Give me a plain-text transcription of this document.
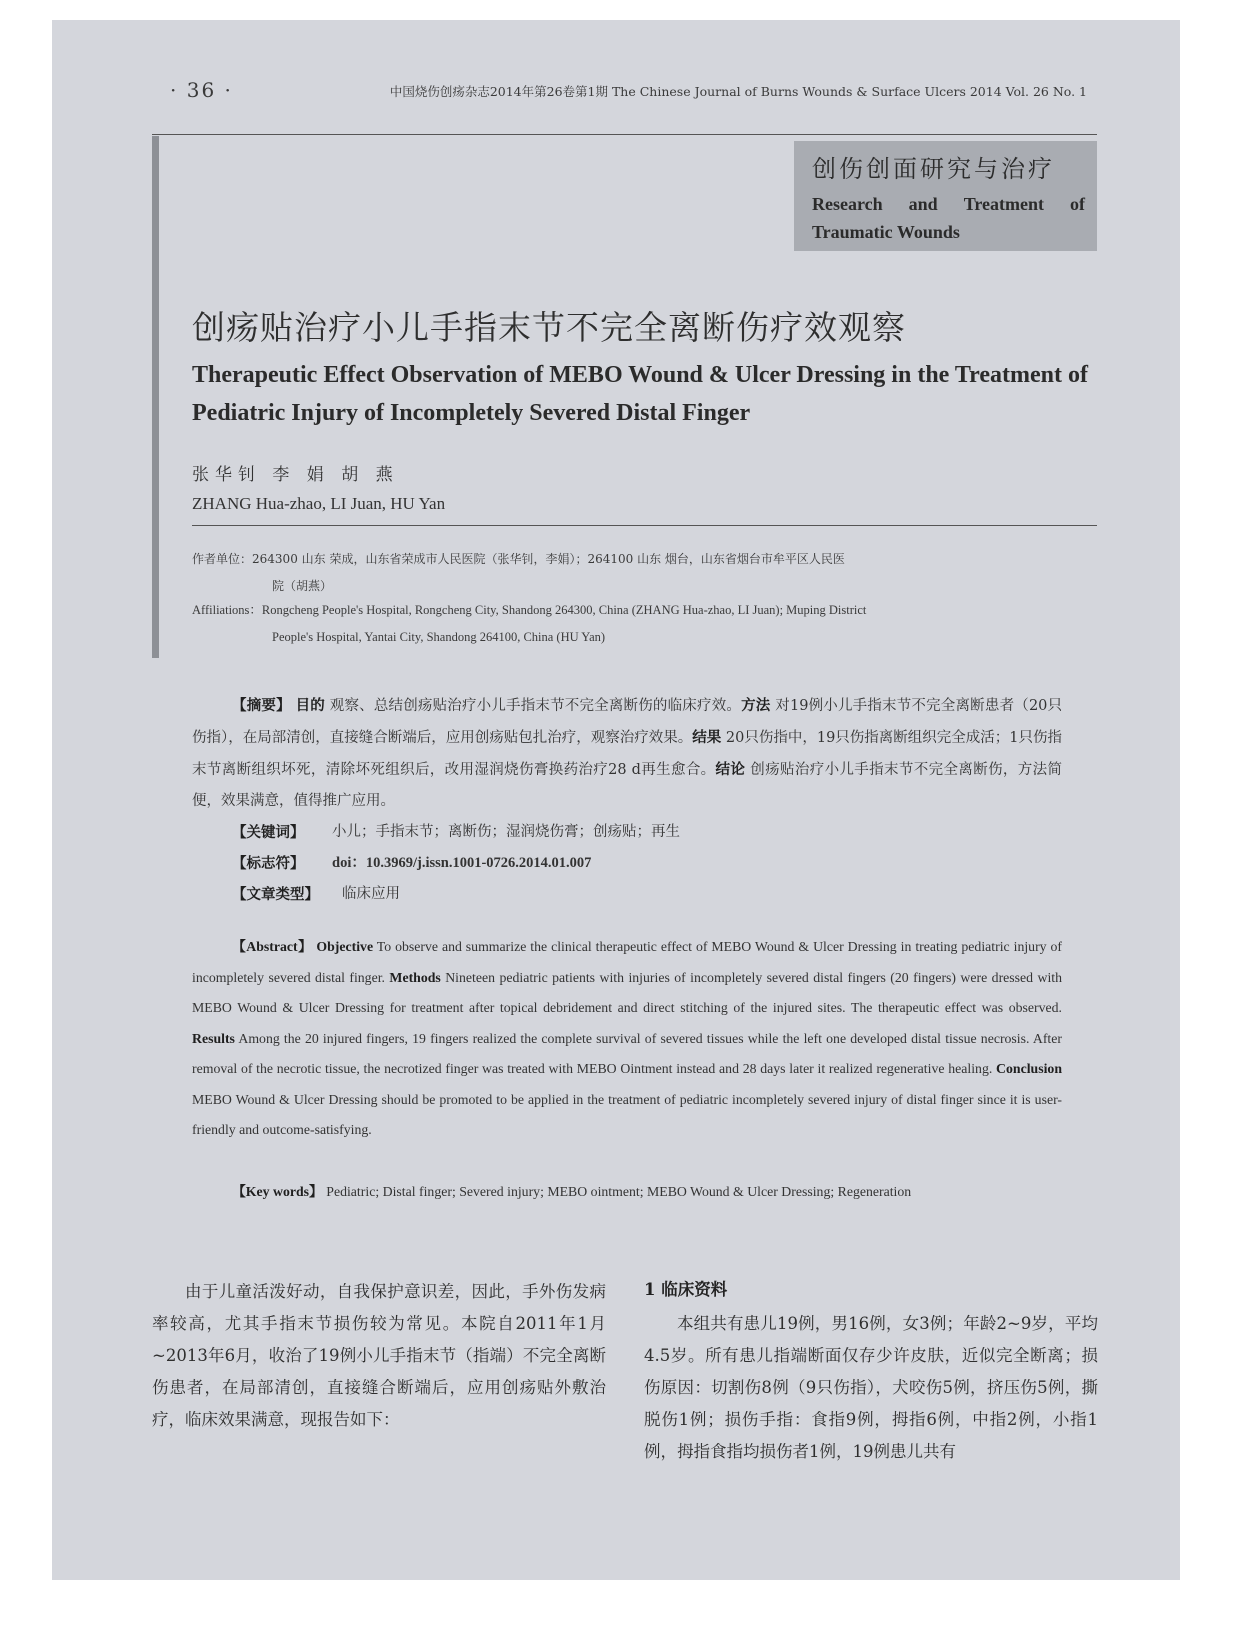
· 36 ·	中国烧伤创疡杂志2014年第26卷第1期 The Chinese Journal of Burns Wounds & Surface Ulcers 2014 Vol. 26 No. 1
创伤创面研究与治疗
Research and Treatment of
Traumatic Wounds
创疡贴治疗小儿手指末节不完全离断伤疗效观察
Therapeutic Effect Observation of MEBO Wound & Ulcer Dressing in the Treatment of Pediatric Injury of Incompletely Severed Distal Finger
张华钊 李 娟 胡 燕
ZHANG Hua-zhao, LI Juan, HU Yan
作者单位： 264300 山东 荣成，山东省荣成市人民医院（张华钊，李娟）；264100 山东 烟台，山东省烟台市牟平区人民医
院（胡燕）
Affiliations： Rongcheng People's Hospital, Rongcheng City, Shandong 264300, China (ZHANG Hua-zhao, LI Juan); Muping District
People's Hospital, Yantai City, Shandong 264100, China (HU Yan)
【摘要】 目的 观察、总结创疡贴治疗小儿手指末节不完全离断伤的临床疗效。方法 对19例小儿手指末节不完全离断患者（20只伤指），在局部清创，直接缝合断端后，应用创疡贴包扎治疗，观察治疗效果。结果 20只伤指中，19只伤指离断组织完全成活；1只伤指末节离断组织坏死，清除坏死组织后，改用湿润烧伤膏换药治疗28 d再生愈合。结论 创疡贴治疗小儿手指末节不完全离断伤，方法简便，效果满意，值得推广应用。
【关键词】	小儿；手指末节；离断伤；湿润烧伤膏；创疡贴；再生
【标志符】	doi：10.3969/j.issn.1001-0726.2014.01.007
【文章类型】	临床应用
【Abstract】 Objective To observe and summarize the clinical therapeutic effect of MEBO Wound & Ulcer Dressing in treating pediatric injury of incompletely severed distal finger. Methods Nineteen pediatric patients with injuries of incompletely severed distal fingers (20 fingers) were dressed with MEBO Wound & Ulcer Dressing for treatment after topical debridement and direct stitching of the injured sites. The therapeutic effect was observed. Results Among the 20 injured fingers, 19 fingers realized the complete survival of severed tissues while the left one developed distal tissue necrosis. After removal of the necrotic tissue, the necrotized finger was treated with MEBO Ointment instead and 28 days later it realized regenerative healing. Conclusion MEBO Wound & Ulcer Dressing should be promoted to be applied in the treatment of pediatric incompletely severed injury of distal finger since it is user-friendly and outcome-satisfying.
【Key words】 Pediatric; Distal finger; Severed injury; MEBO ointment; MEBO Wound & Ulcer Dressing; Regeneration
由于儿童活泼好动，自我保护意识差，因此，手外伤发病率较高，尤其手指末节损伤较为常见。本院自2011年1月~2013年6月，收治了19例小儿手指末节（指端）不完全离断伤患者，在局部清创，直接缝合断端后，应用创疡贴外敷治疗，临床效果满意，现报告如下：
1 临床资料
本组共有患儿19例，男16例，女3例；年龄2~9岁，平均4.5岁。所有患儿指端断面仅存少许皮肤，近似完全断离；损伤原因：切割伤8例（9只伤指），犬咬伤5例，挤压伤5例，撕脱伤1例；损伤手指：食指9例，拇指6例，中指2例，小指1例，拇指食指均损伤者1例，19例患儿共有
